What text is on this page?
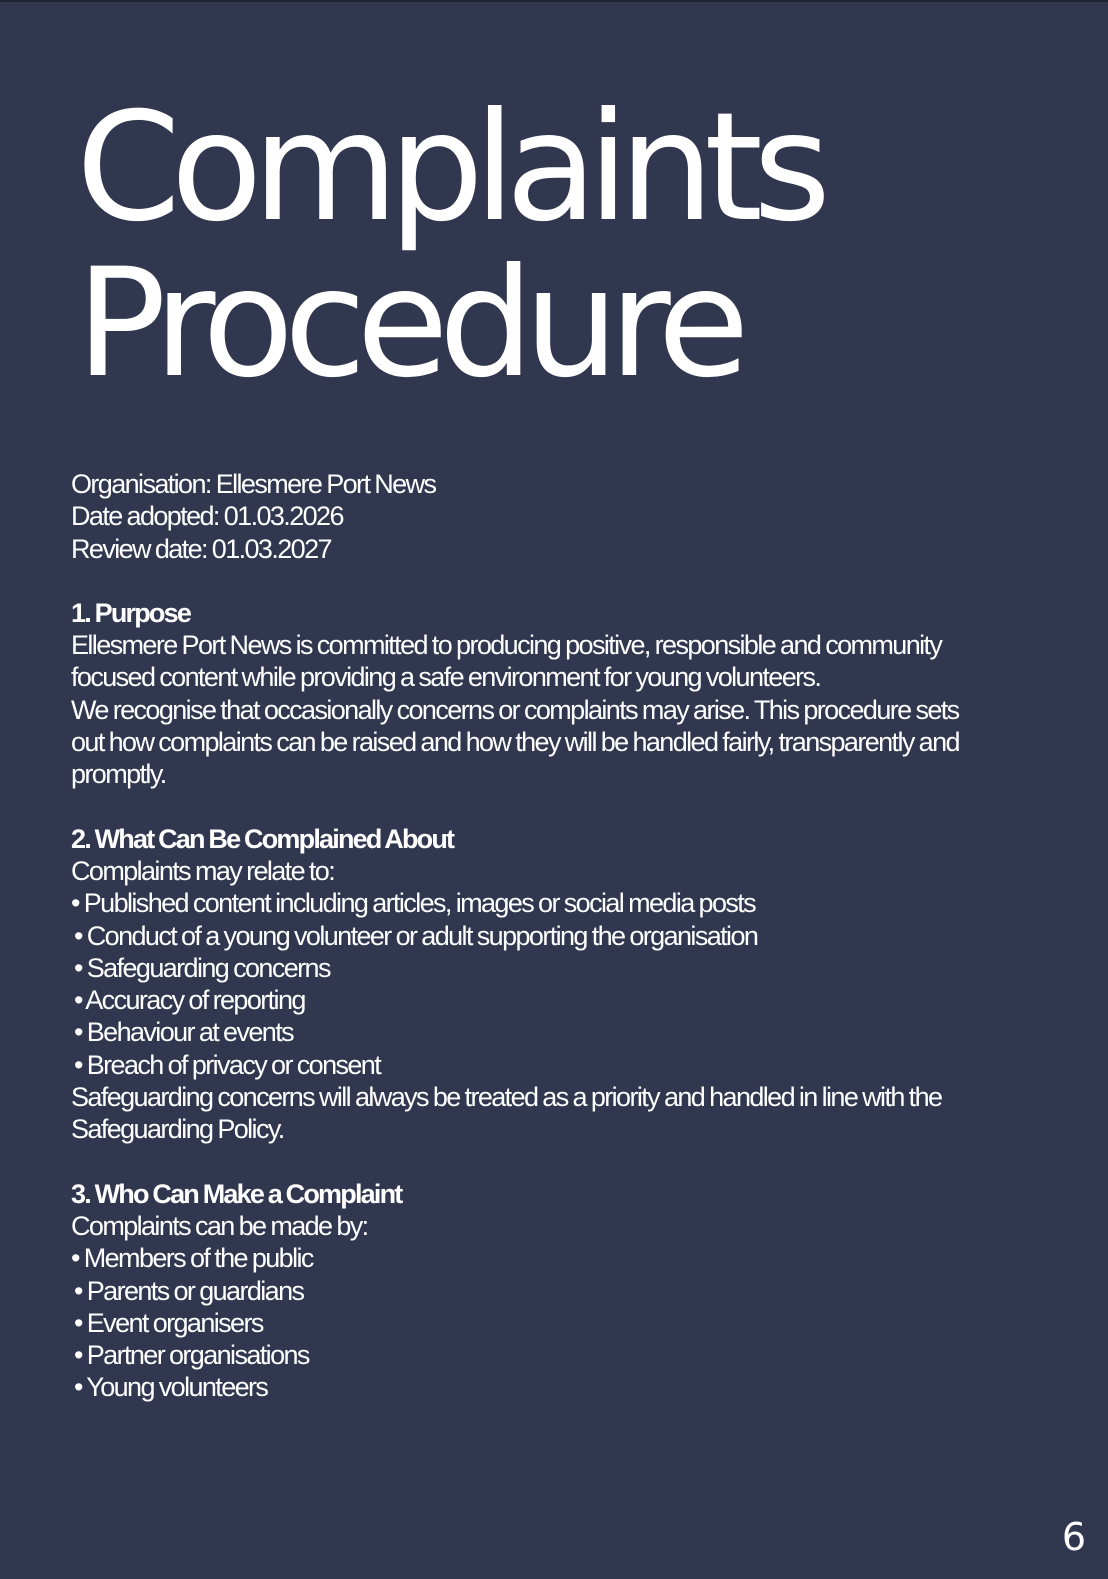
Complaints
Procedure

Organisation: Ellesmere Port News

Date adopted: 01.03.2026

Review date: 01.03.2027

1. Purpose

Ellesmere Port News is committed to producing positive, responsible and community

focused content while providing a safe environment for young volunteers.

We recognise that occasionally concerns or complaints may arise. This procedure sets

out how complaints can be raised and how they will be handled fairly, transparently and

promptly.

2. What Can Be Complained About

Complaints may relate to:

• Published content including articles, images or social media posts

• Conduct of a young volunteer or adult supporting the organisation

• Safeguarding concerns

• Accuracy of reporting

• Behaviour at events

• Breach of privacy or consent

Safeguarding concerns will always be treated as a priority and handled in line with the

Safeguarding Policy.

3. Who Can Make a Complaint

Complaints can be made by:

• Members of the public

• Parents or guardians

• Event organisers

• Partner organisations

• Young volunteers

6
